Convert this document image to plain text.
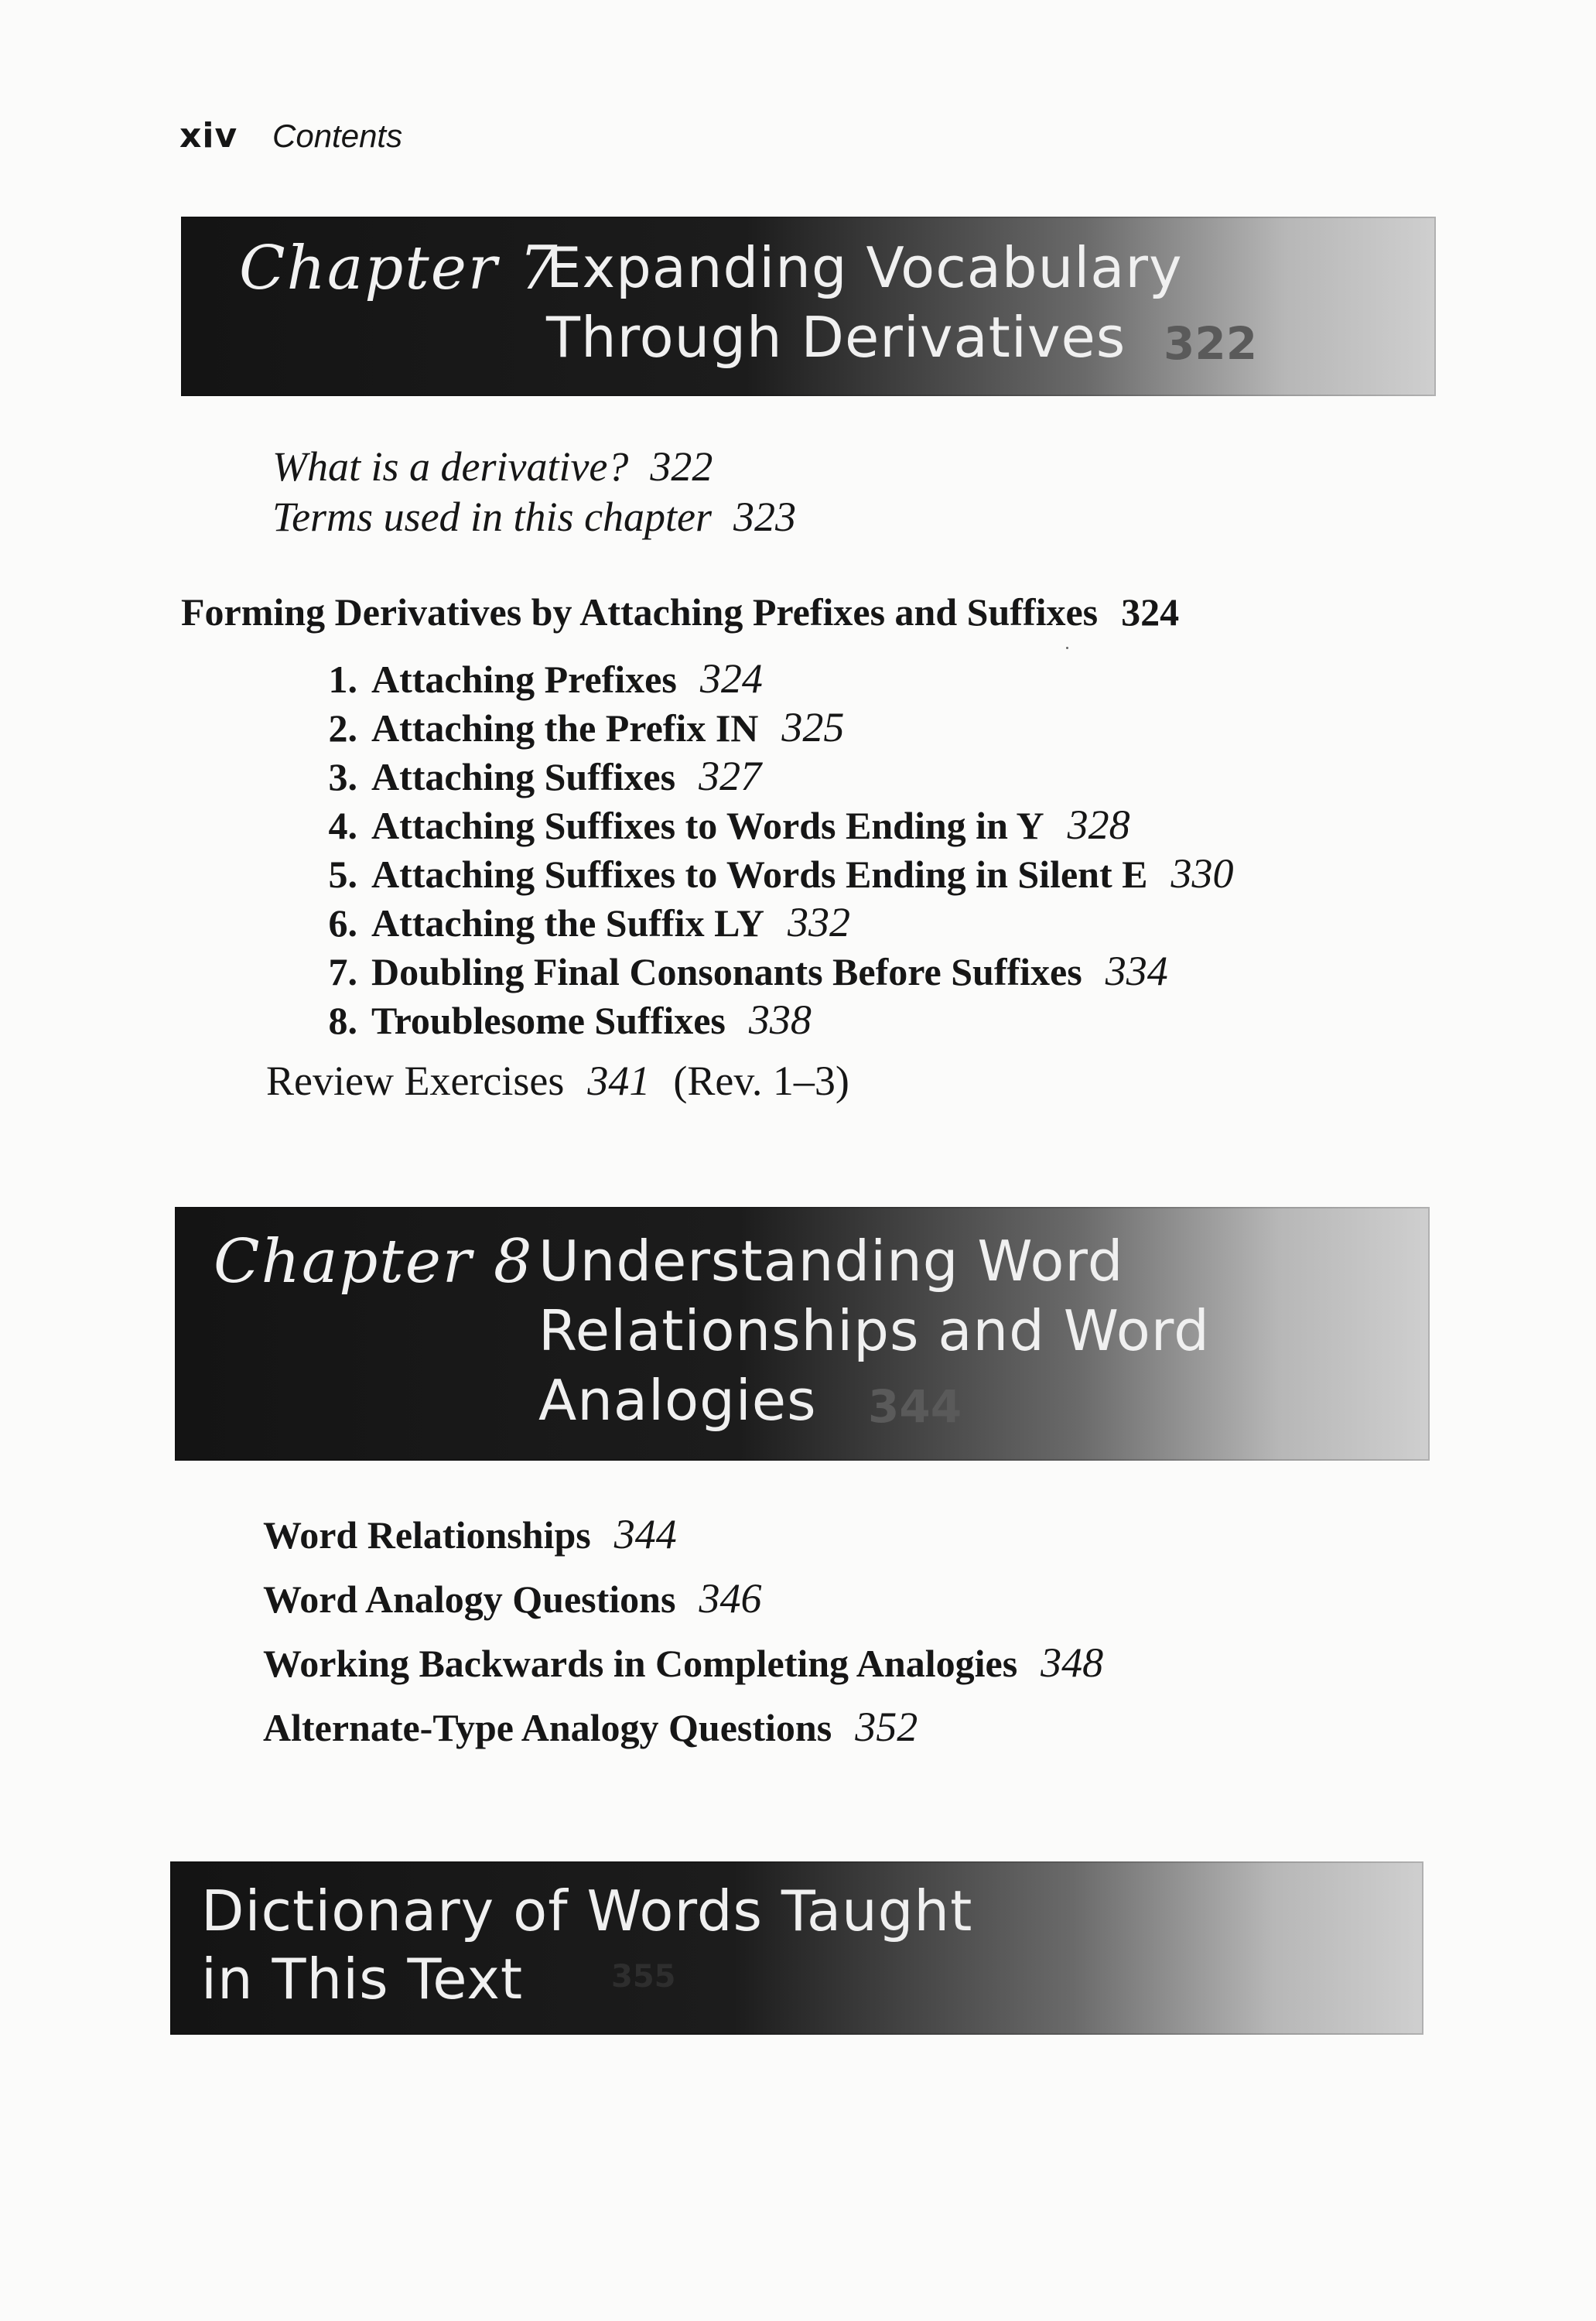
xiv Contents
Chapter 7
Expanding Vocabulary
Through Derivatives 322
What is a derivative? 322
Terms used in this chapter 323
Forming Derivatives by Attaching Prefixes and Suffixes 324
1. Attaching Prefixes 324
2. Attaching the Prefix IN 325
3. Attaching Suffixes 327
4. Attaching Suffixes to Words Ending in Y 328
5. Attaching Suffixes to Words Ending in Silent E 330
6. Attaching the Suffix LY 332
7. Doubling Final Consonants Before Suffixes 334
8. Troublesome Suffixes 338
Review Exercises 341 (Rev. 1–3)
Chapter 8 Understanding Word
Relationships and Word
Analogies 344
Word Relationships 344
Word Analogy Questions 346
Working Backwards in Completing Analogies 348
Alternate-Type Analogy Questions 352
Dictionary of Words Taught
in This Text	355
